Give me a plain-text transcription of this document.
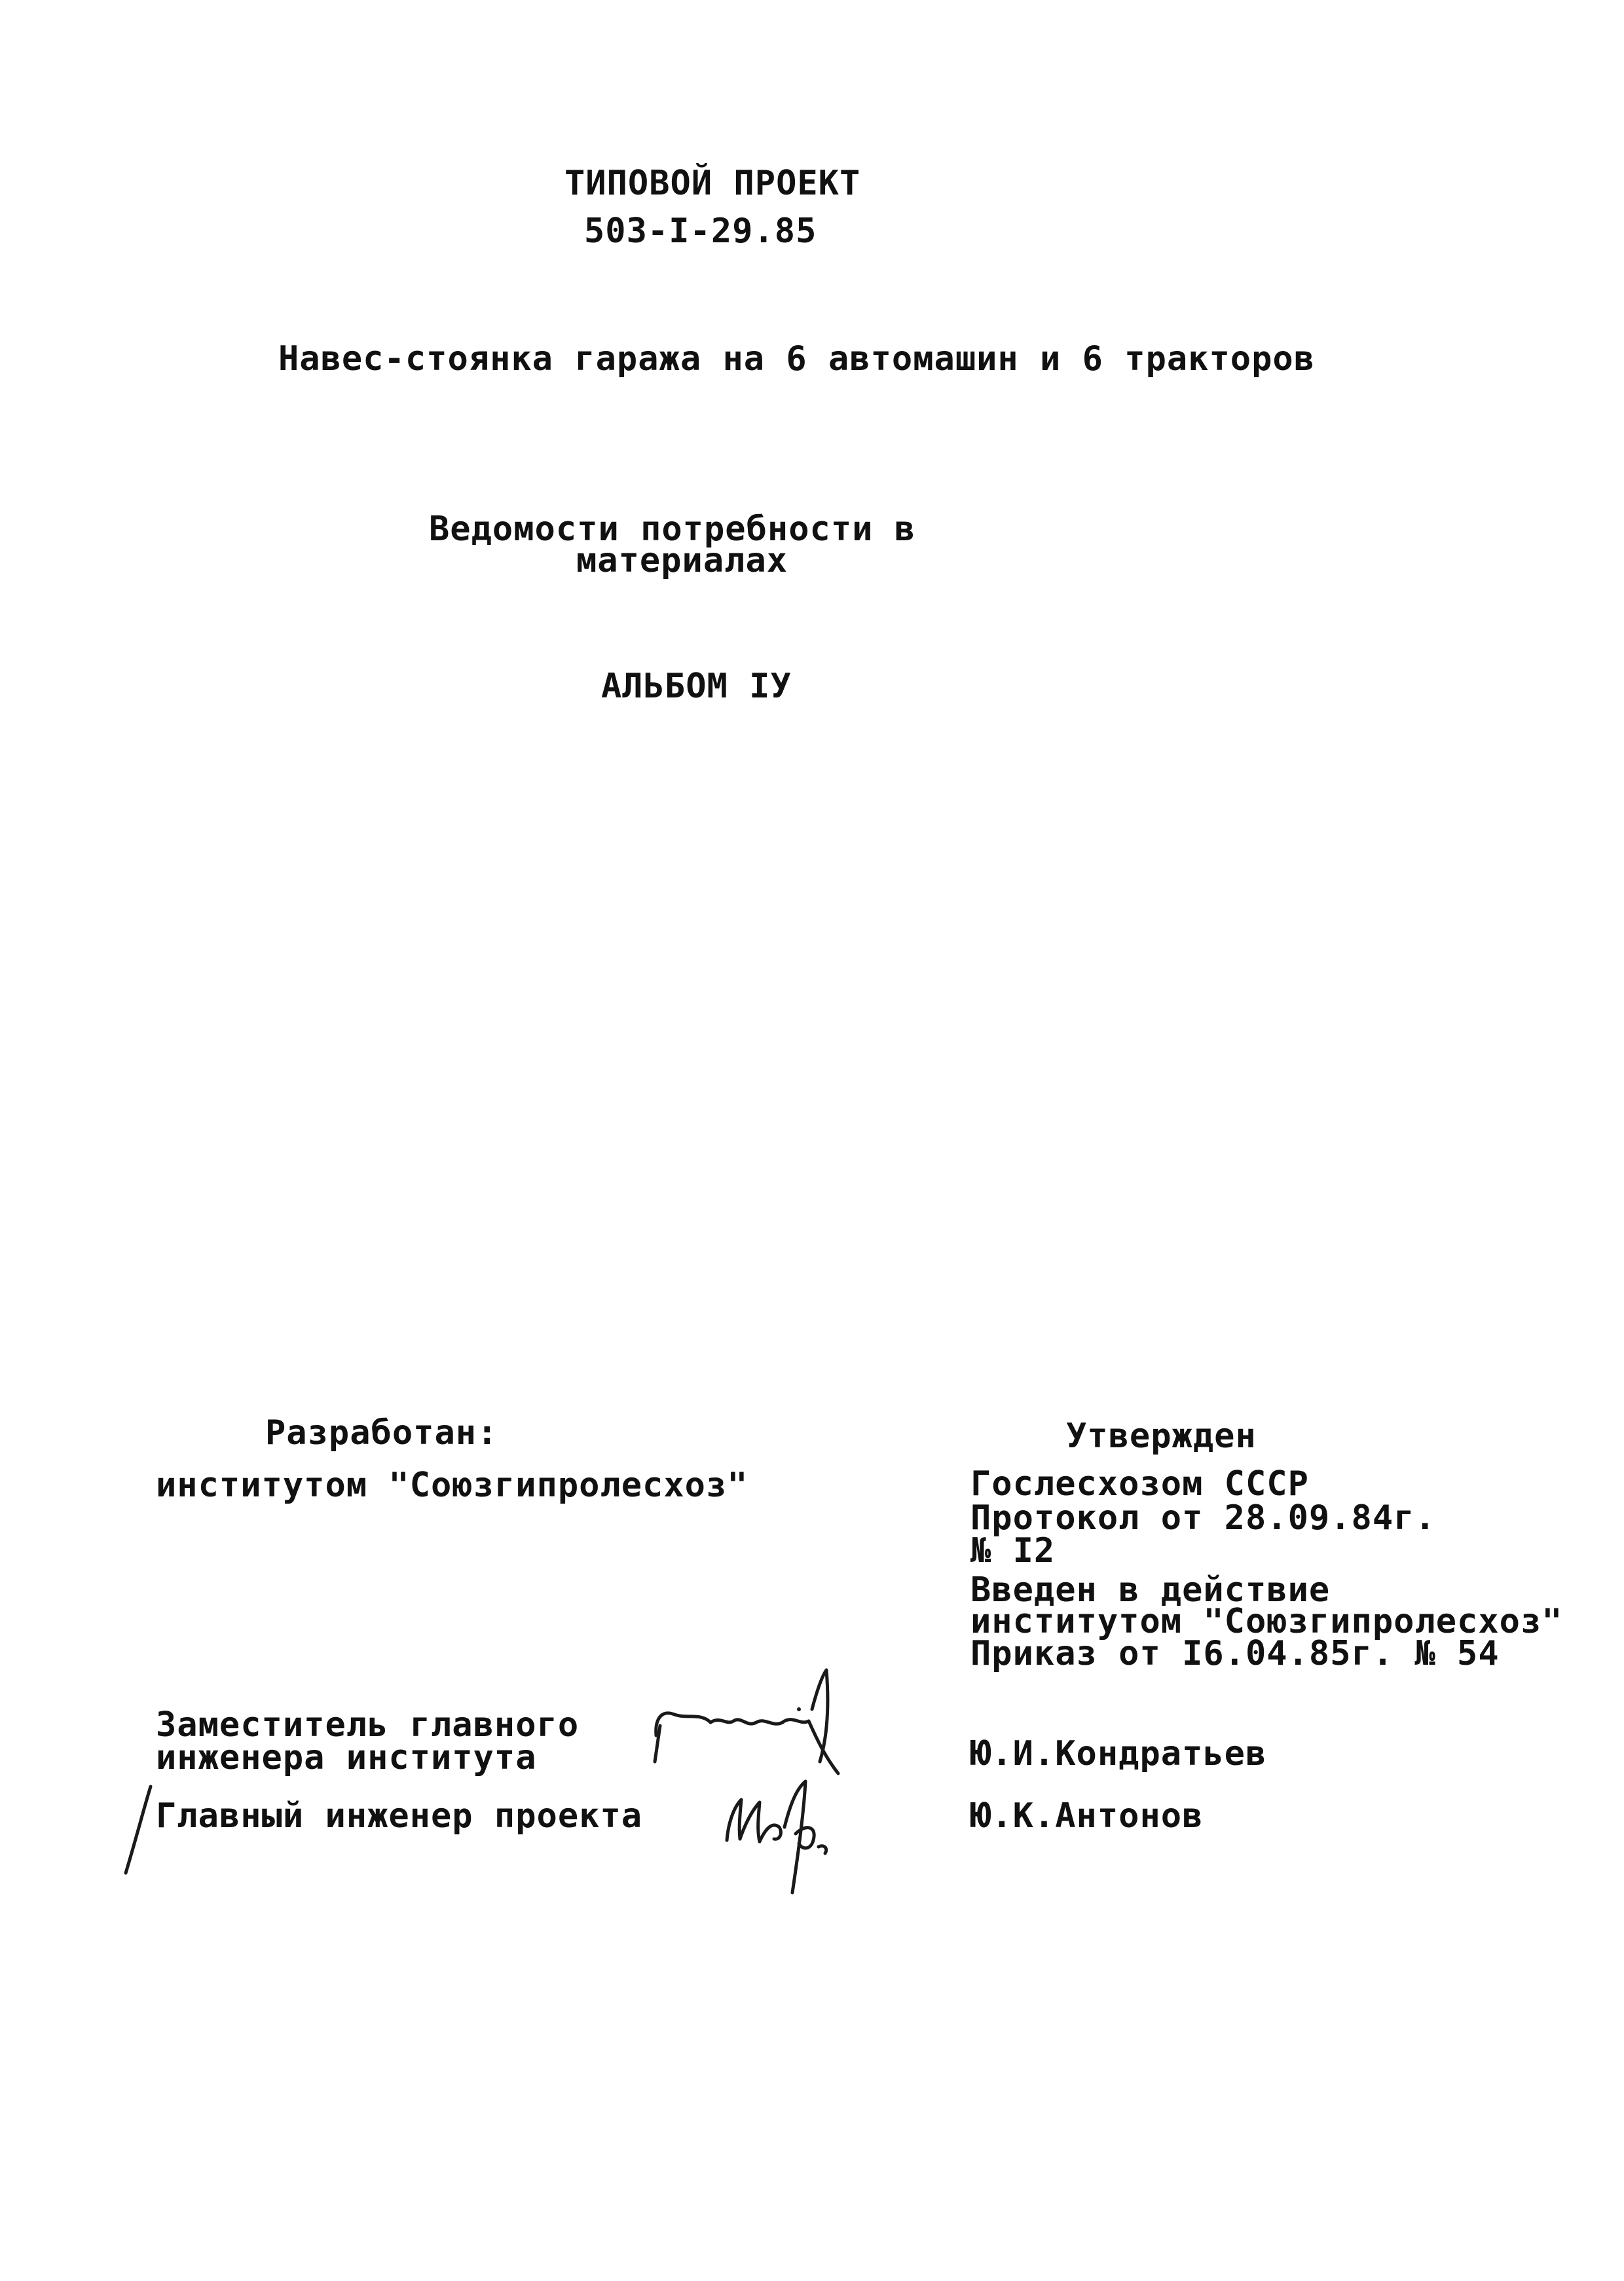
ТИПОВОЙ ПРОЕКТ
503-I-29.85
Навес-стоянка гаража на 6 автомашин и 6 тракторов
Ведомости потребности в
материалах
АЛЬБОМ IУ
Разработан:
институтом "Союзгипролесхоз"
Утвержден
Гослесхозом СССР
Протокол от 28.09.84г.
№ I2
Введен в действие
институтом "Союзгипролесхоз"
Приказ от I6.04.85г. № 54
Заместитель главного
инженера института	Ю.И.Кондратьев
Главный инженер проекта	Ю.К.Антонов
